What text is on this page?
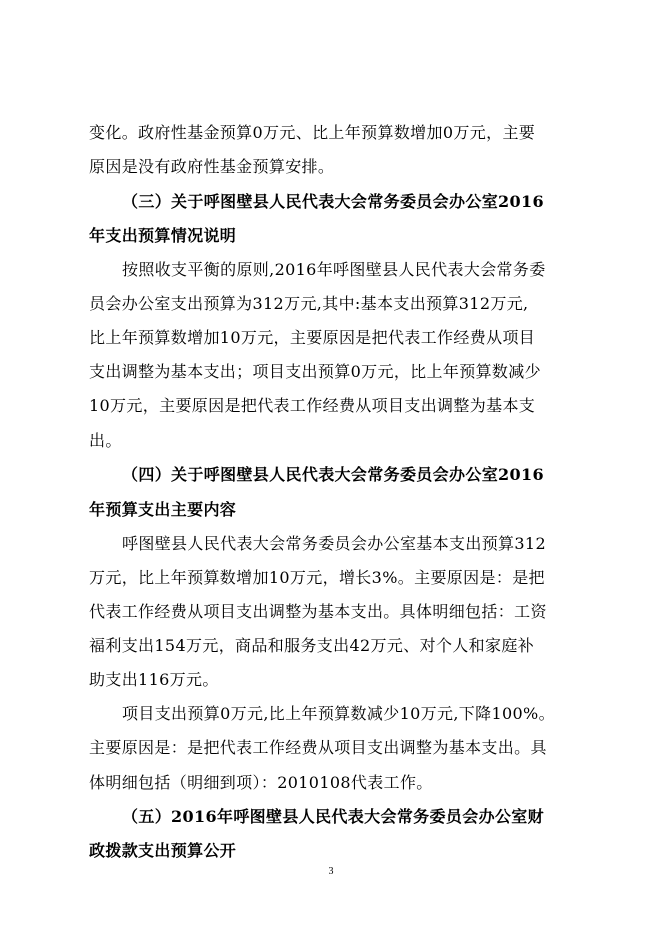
变化。政府性基金预算0万元、比上年预算数增加0万元，主要
原因是没有政府性基金预算安排。
（三）关于呼图壁县人民代表大会常务委员会办公室2016
年支出预算情况说明
按照收支平衡的原则,2016年呼图壁县人民代表大会常务委
员会办公室支出预算为312万元,其中:基本支出预算312万元,
比上年预算数增加10万元，主要原因是把代表工作经费从项目
支出调整为基本支出；项目支出预算0万元，比上年预算数减少
10万元，主要原因是把代表工作经费从项目支出调整为基本支
出。
（四）关于呼图壁县人民代表大会常务委员会办公室2016
年预算支出主要内容
呼图壁县人民代表大会常务委员会办公室基本支出预算312
万元，比上年预算数增加10万元，增长3%。主要原因是：是把
代表工作经费从项目支出调整为基本支出。具体明细包括：工资
福利支出154万元，商品和服务支出42万元、对个人和家庭补
助支出116万元。
项目支出预算0万元,比上年预算数减少10万元,下降100%。
主要原因是：是把代表工作经费从项目支出调整为基本支出。具
体明细包括（明细到项）：2010108代表工作。
（五）2016年呼图壁县人民代表大会常务委员会办公室财
政拨款支出预算公开
3
